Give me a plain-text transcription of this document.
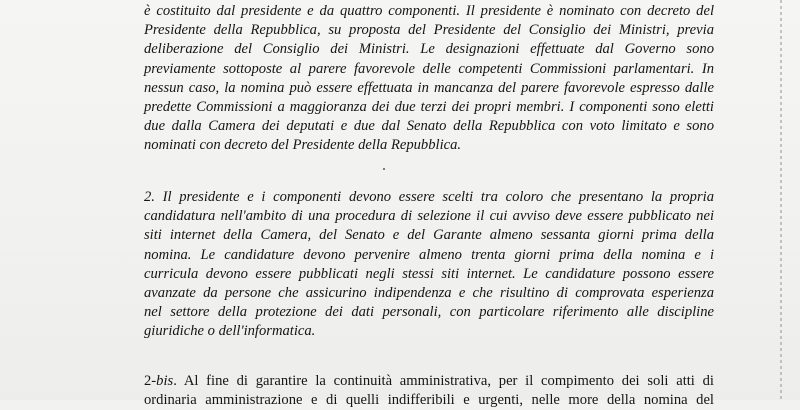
è costituito dal presidente e da quattro componenti. Il presidente è nominato con decreto del
Presidente della Repubblica, su proposta del Presidente del Consiglio dei Ministri, previa
deliberazione del Consiglio dei Ministri. Le designazioni effettuate dal Governo sono
previamente sottoposte al parere favorevole delle competenti Commissioni parlamentari. In
nessun caso, la nomina può essere effettuata in mancanza del parere favorevole espresso dalle
predette Commissioni a maggioranza dei due terzi dei propri membri. I componenti sono eletti
due dalla Camera dei deputati e due dal Senato della Repubblica con voto limitato e sono
nominati con decreto del Presidente della Repubblica.
2. Il presidente e i componenti devono essere scelti tra coloro che presentano la propria
candidatura nell'ambito di una procedura di selezione il cui avviso deve essere pubblicato nei
siti internet della Camera, del Senato e del Garante almeno sessanta giorni prima della
nomina. Le candidature devono pervenire almeno trenta giorni prima della nomina e i
curricula devono essere pubblicati negli stessi siti internet. Le candidature possono essere
avanzate da persone che assicurino indipendenza e che risultino di comprovata esperienza
nel settore della protezione dei dati personali, con particolare riferimento alle discipline
giuridiche o dell'informatica.
2-bis. Al fine di garantire la continuità amministrativa, per il compimento dei soli atti di
ordinaria amministrazione e di quelli indifferibili e urgenti, nelle more della nomina del
